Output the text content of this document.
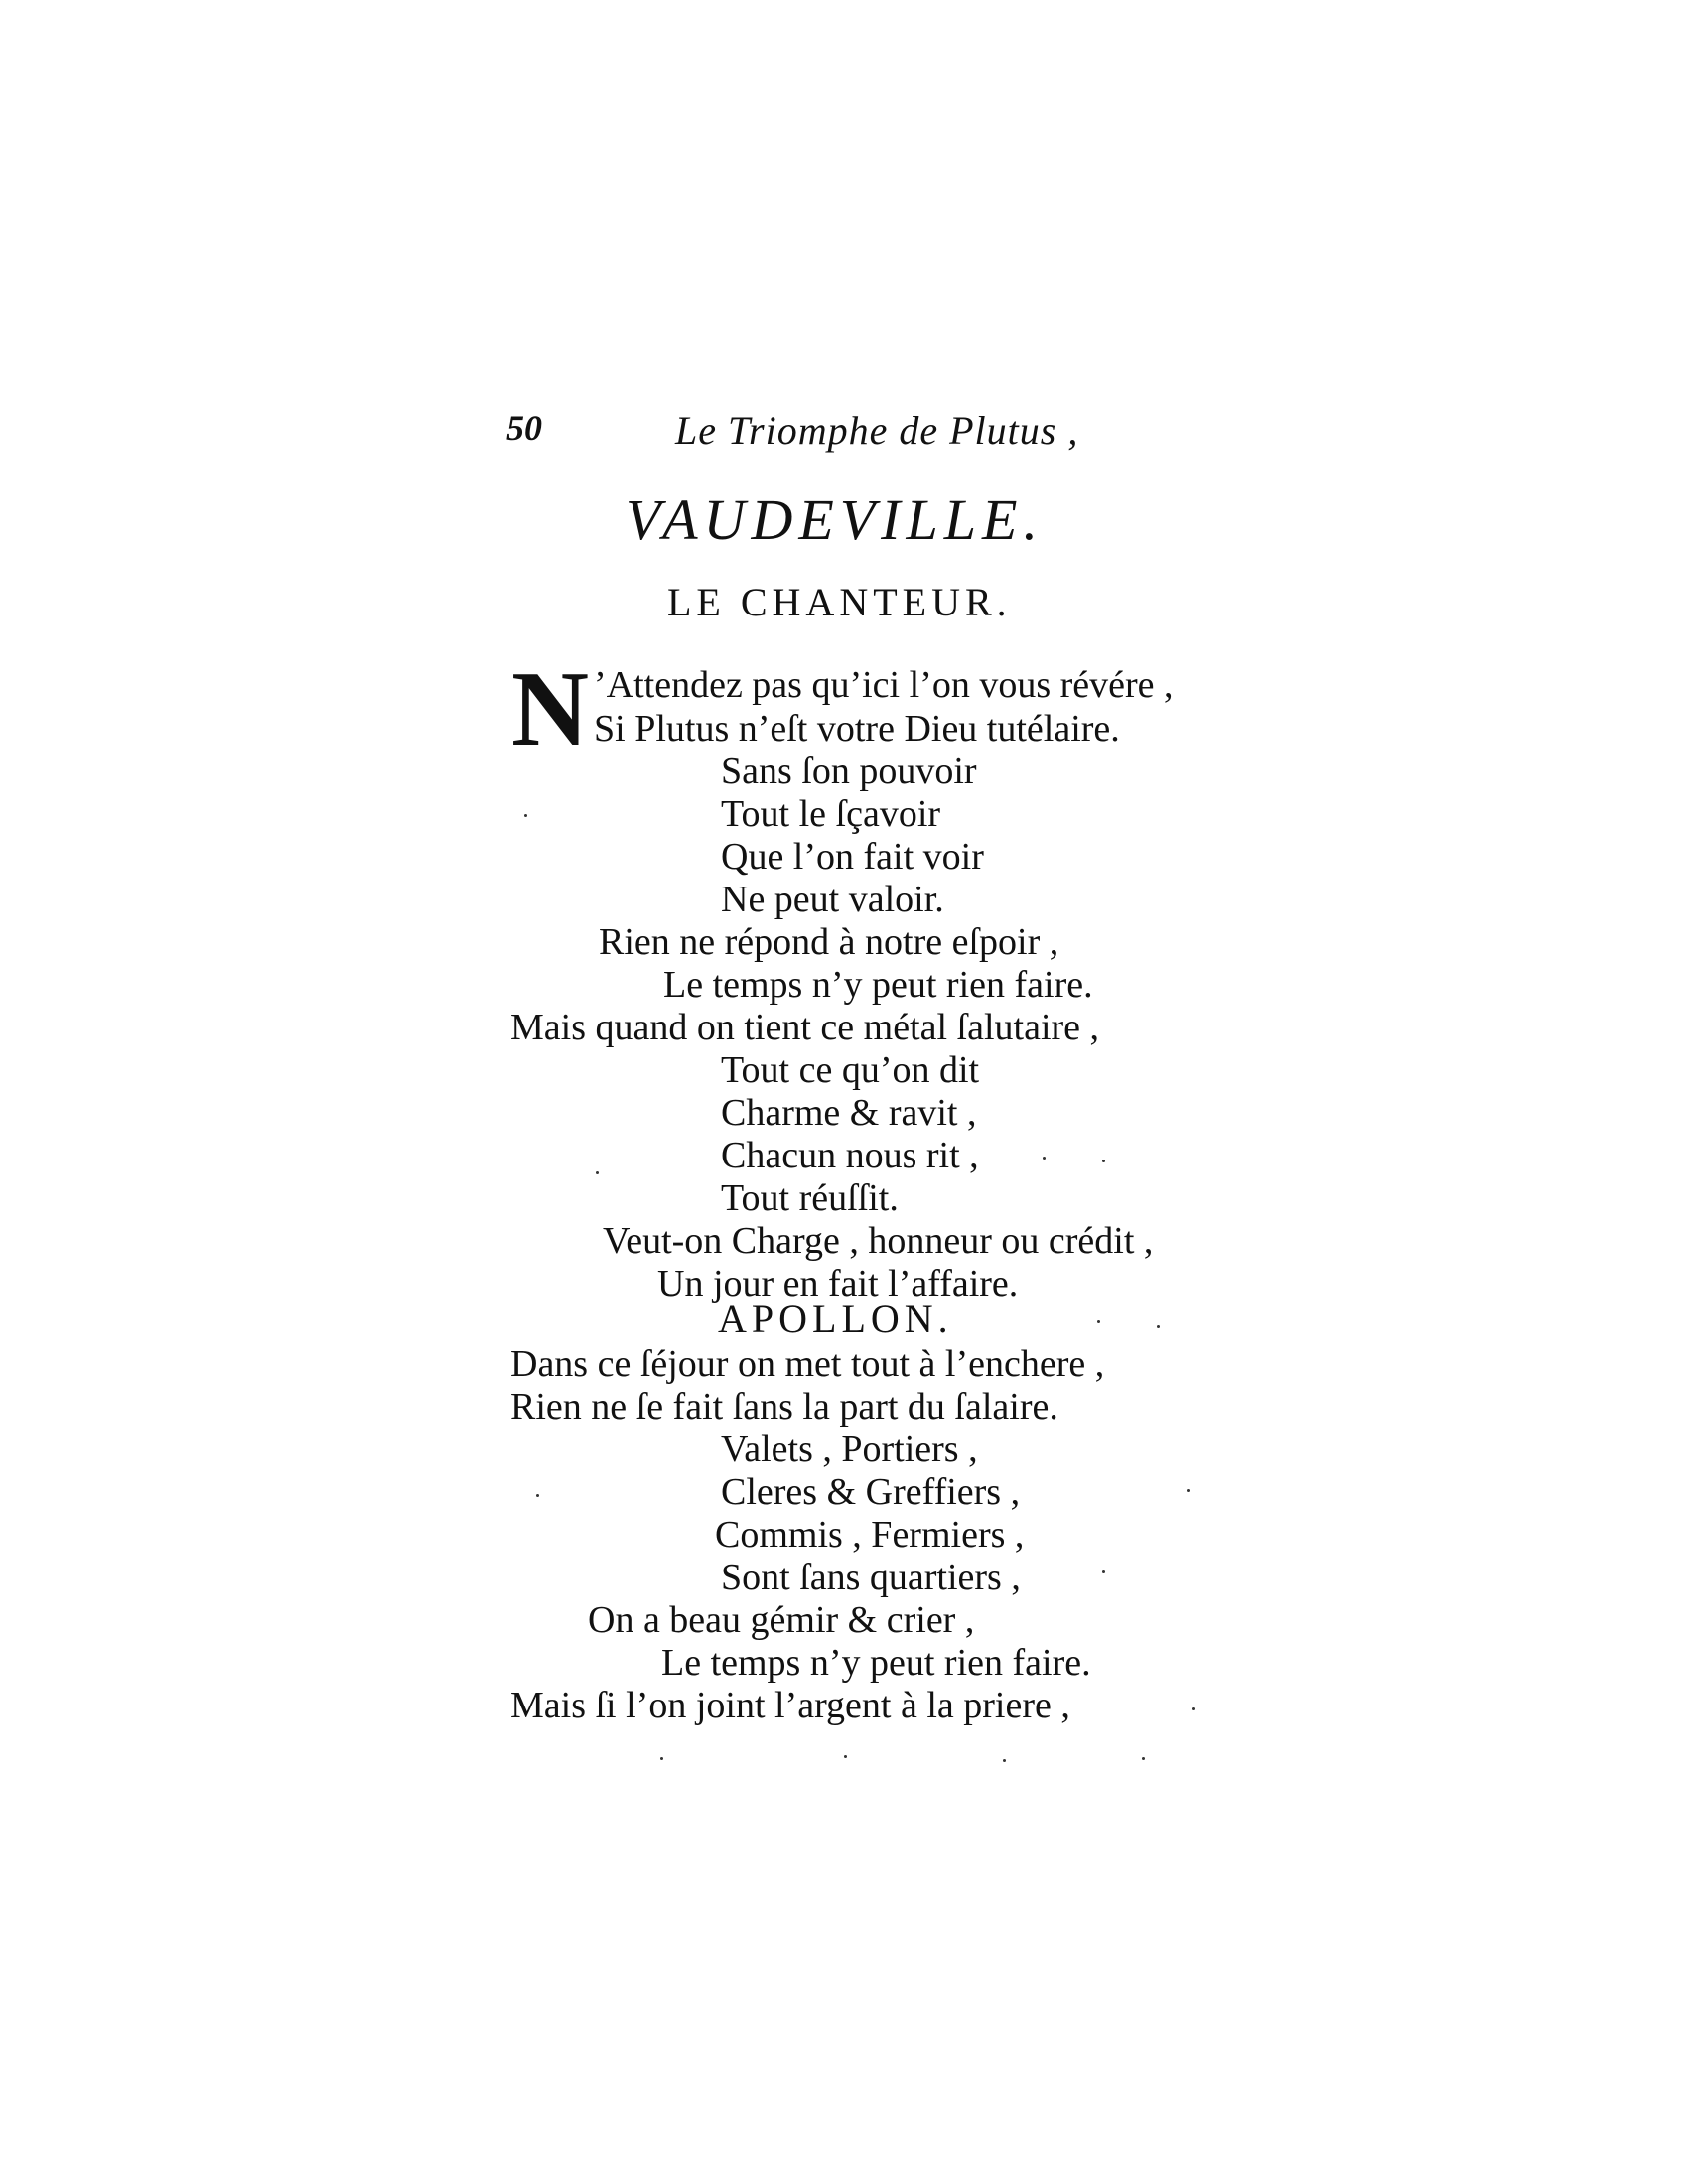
50	Le Triomphe de Plutus ,
VAUDEVILLE.
LE CHANTEUR.
N ’Attendez pas qu’ici l’on vous révére ,
Si Plutus n’eſt votre Dieu tutélaire.
Sans ſon pouvoir
Tout le ſçavoir
Que l’on fait voir
Ne peut valoir.
Rien ne répond à notre eſpoir ,
Le temps n’y peut rien faire.
Mais quand on tient ce métal ſalutaire ,
Tout ce qu’on dit
Charme & ravit ,
Chacun nous rit ,
Tout réuſſit.
Veut-on Charge , honneur ou crédit ,
Un jour en fait l’affaire.
APOLLON.
Dans ce ſéjour on met tout à l’enchere ,
Rien ne ſe fait ſans la part du ſalaire.
Valets , Portiers ,
Cleres & Greffiers ,
Commis , Fermiers ,
Sont ſans quartiers ,
On a beau gémir & crier ,
Le temps n’y peut rien faire.
Mais ſi l’on joint l’argent à la priere ,
